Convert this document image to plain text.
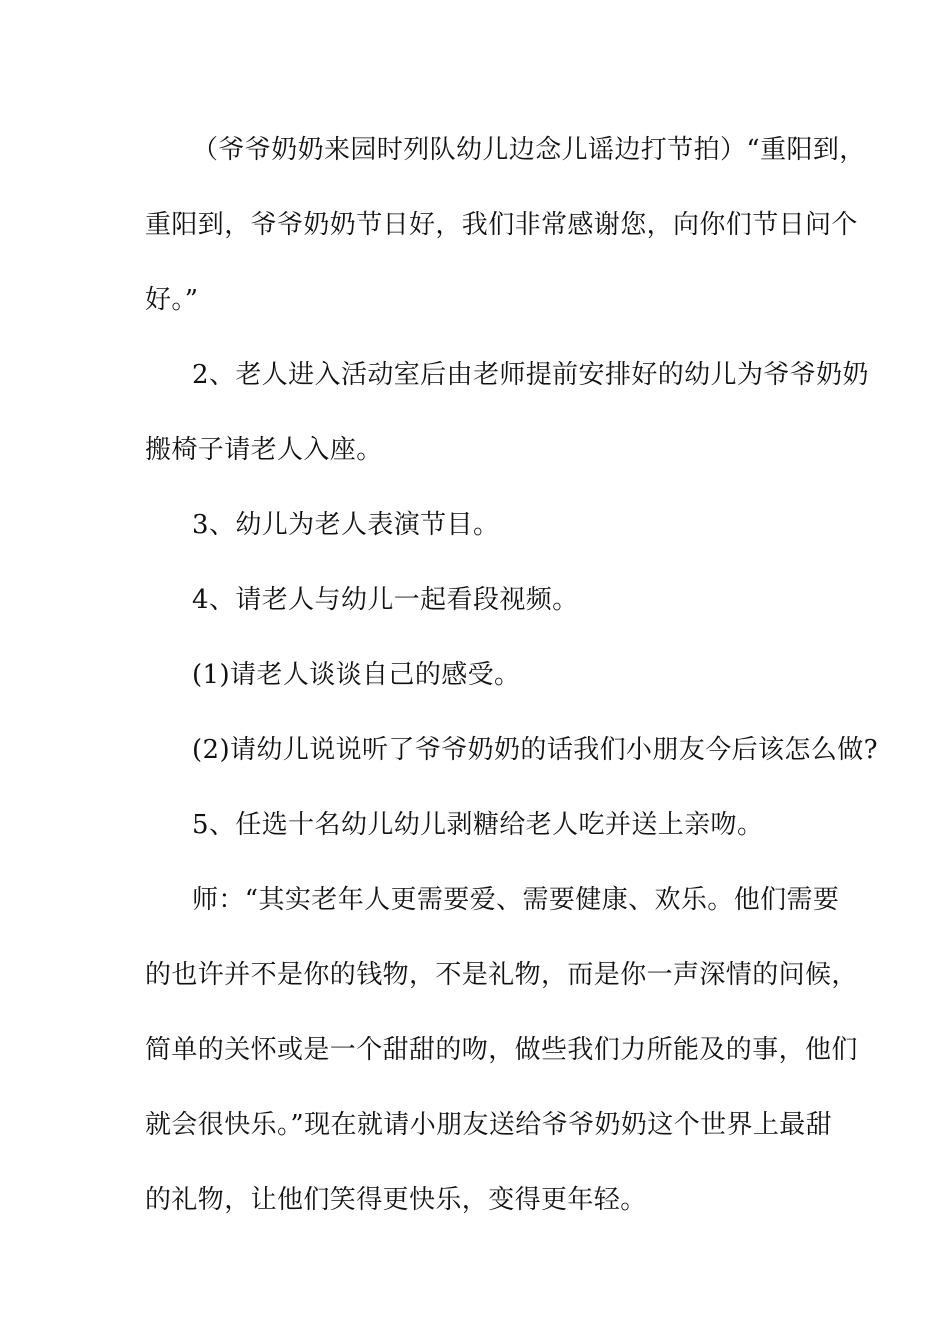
（爷爷奶奶来园时列队幼儿边念儿谣边打节拍）“重阳到，
重阳到，爷爷奶奶节日好，我们非常感谢您，向你们节日问个
好。”
2、老人进入活动室后由老师提前安排好的幼儿为爷爷奶奶
搬椅子请老人入座。
3、幼儿为老人表演节目。
4、请老人与幼儿一起看段视频。
(1)请老人谈谈自己的感受。
(2)请幼儿说说听了爷爷奶奶的话我们小朋友今后该怎么做?
5、任选十名幼儿幼儿剥糖给老人吃并送上亲吻。
师：“其实老年人更需要爱、需要健康、欢乐。他们需要
的也许并不是你的钱物，不是礼物，而是你一声深情的问候，
简单的关怀或是一个甜甜的吻，做些我们力所能及的事，他们
就会很快乐。”现在就请小朋友送给爷爷奶奶这个世界上最甜
的礼物，让他们笑得更快乐，变得更年轻。
